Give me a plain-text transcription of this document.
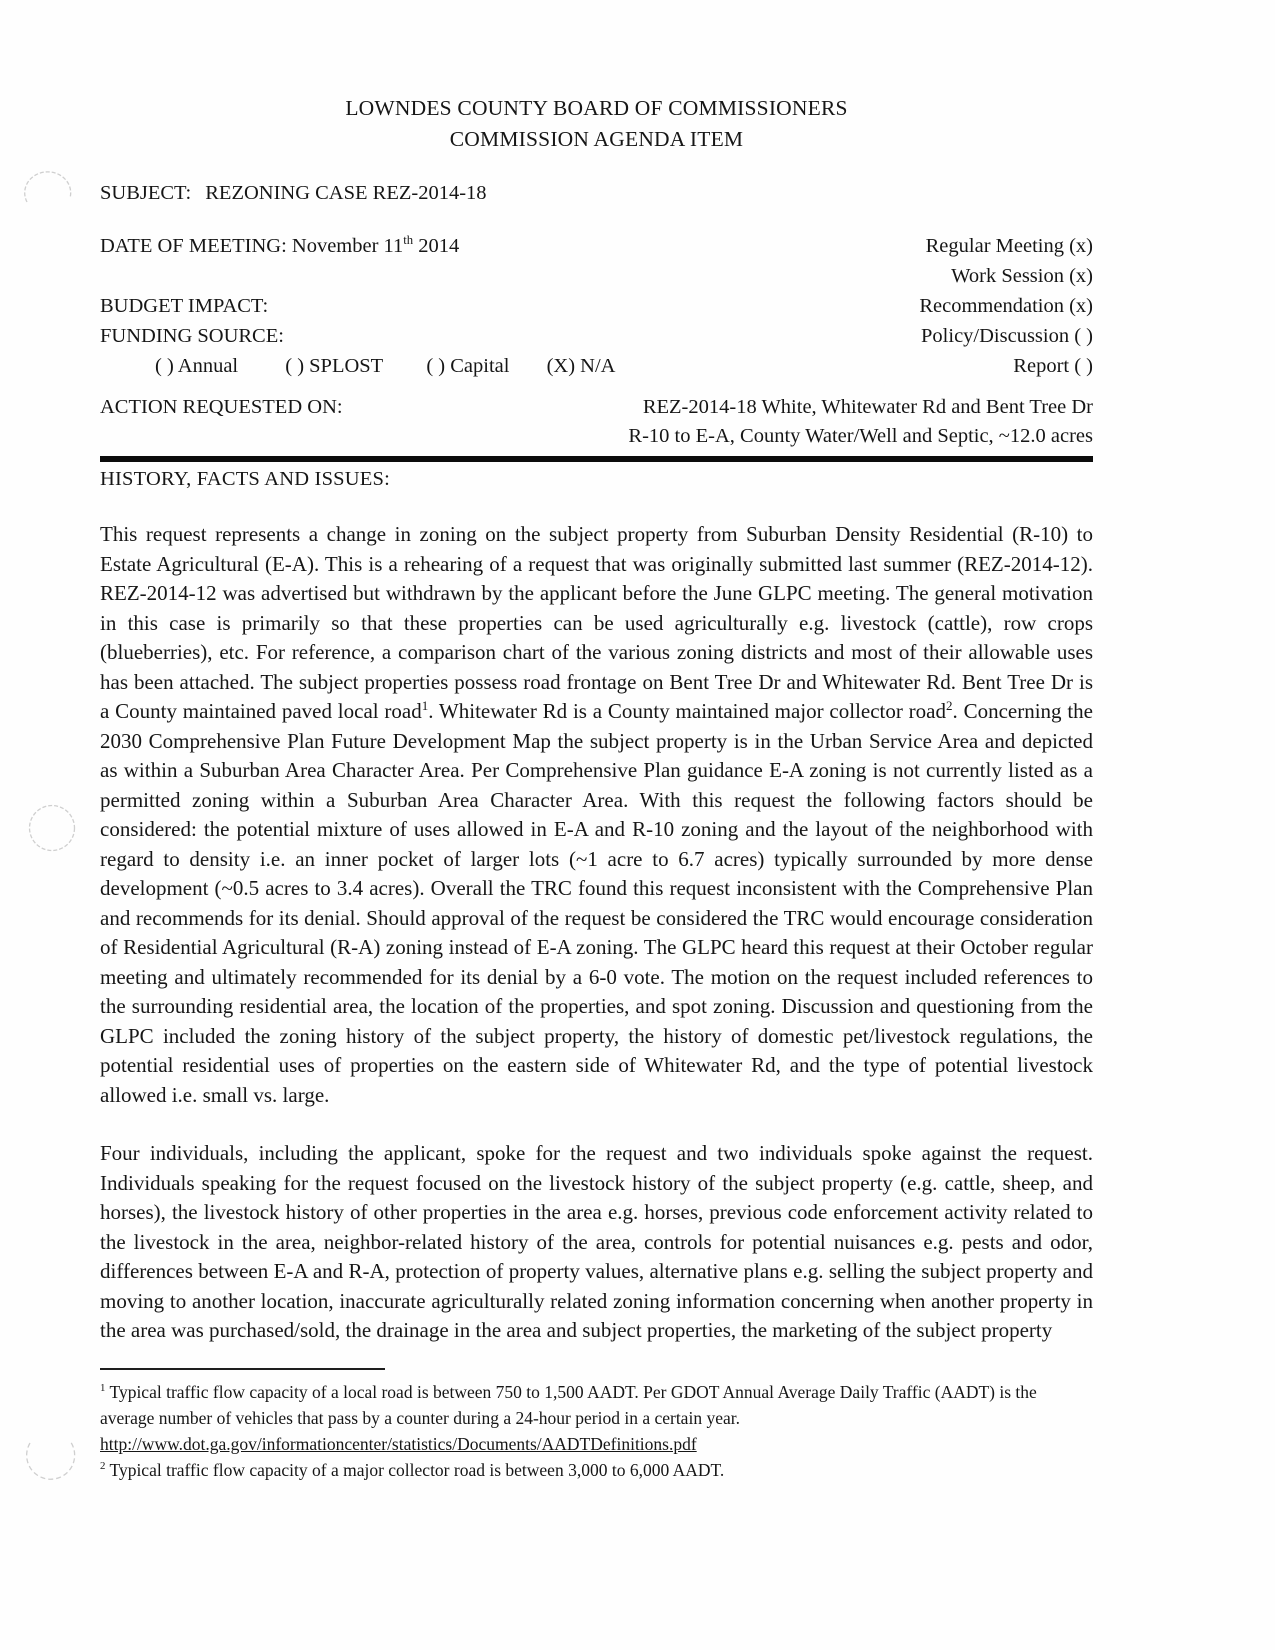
LOWNDES COUNTY BOARD OF COMMISSIONERS
COMMISSION AGENDA ITEM
SUBJECT: REZONING CASE REZ-2014-18
DATE OF MEETING: November 11th 2014	Regular Meeting (x)
Work Session (x)
BUDGET IMPACT:	Recommendation (x)
FUNDING SOURCE:	Policy/Discussion ( )
( ) Annual ( ) SPLOST ( ) Capital (X) N/A	Report ( )
ACTION REQUESTED ON:	REZ-2014-18 White, Whitewater Rd and Bent Tree Dr
R-10 to E-A, County Water/Well and Septic, ~12.0 acres
HISTORY, FACTS AND ISSUES:

This request represents a change in zoning on the subject property from Suburban Density Residential (R-10) to Estate Agricultural (E-A). This is a rehearing of a request that was originally submitted last summer (REZ-2014-12). REZ-2014-12 was advertised but withdrawn by the applicant before the June GLPC meeting. The general motivation in this case is primarily so that these properties can be used agriculturally e.g. livestock (cattle), row crops (blueberries), etc. For reference, a comparison chart of the various zoning districts and most of their allowable uses has been attached. The subject properties possess road frontage on Bent Tree Dr and Whitewater Rd. Bent Tree Dr is a County maintained paved local road$^1$. Whitewater Rd is a County maintained major collector road$^2$. Concerning the 2030 Comprehensive Plan Future Development Map the subject property is in the Urban Service Area and depicted as within a Suburban Area Character Area. Per Comprehensive Plan guidance E-A zoning is not currently listed as a permitted zoning within a Suburban Area Character Area. With this request the following factors should be considered: the potential mixture of uses allowed in E-A and R-10 zoning and the layout of the neighborhood with regard to density i.e. an inner pocket of larger lots (~1 acre to 6.7 acres) typically surrounded by more dense development (~0.5 acres to 3.4 acres). Overall the TRC found this request inconsistent with the Comprehensive Plan and recommends for its denial. Should approval of the request be considered the TRC would encourage consideration of Residential Agricultural (R-A) zoning instead of E-A zoning. The GLPC heard this request at their October regular meeting and ultimately recommended for its denial by a 6-0 vote. The motion on the request included references to the surrounding residential area, the location of the properties, and spot zoning. Discussion and questioning from the GLPC included the zoning history of the subject property, the history of domestic pet/livestock regulations, the potential residential uses of properties on the eastern side of Whitewater Rd, and the type of potential livestock allowed i.e. small vs. large.

Four individuals, including the applicant, spoke for the request and two individuals spoke against the request. Individuals speaking for the request focused on the livestock history of the subject property (e.g. cattle, sheep, and horses), the livestock history of other properties in the area e.g. horses, previous code enforcement activity related to the livestock in the area, neighbor-related history of the area, controls for potential nuisances e.g. pests and odor, differences between E-A and R-A, protection of property values, alternative plans e.g. selling the subject property and moving to another location, inaccurate agriculturally related zoning information concerning when another property in the area was purchased/sold, the drainage in the area and subject properties, the marketing of the subject property

$^1$ Typical traffic flow capacity of a local road is between 750 to 1,500 AADT. Per GDOT Annual Average Daily Traffic (AADT) is the average number of vehicles that pass by a counter during a 24-hour period in a certain year.
http://www.dot.ga.gov/informationcenter/statistics/Documents/AADTDefinitions.pdf
$^2$ Typical traffic flow capacity of a major collector road is between 3,000 to 6,000 AADT.
